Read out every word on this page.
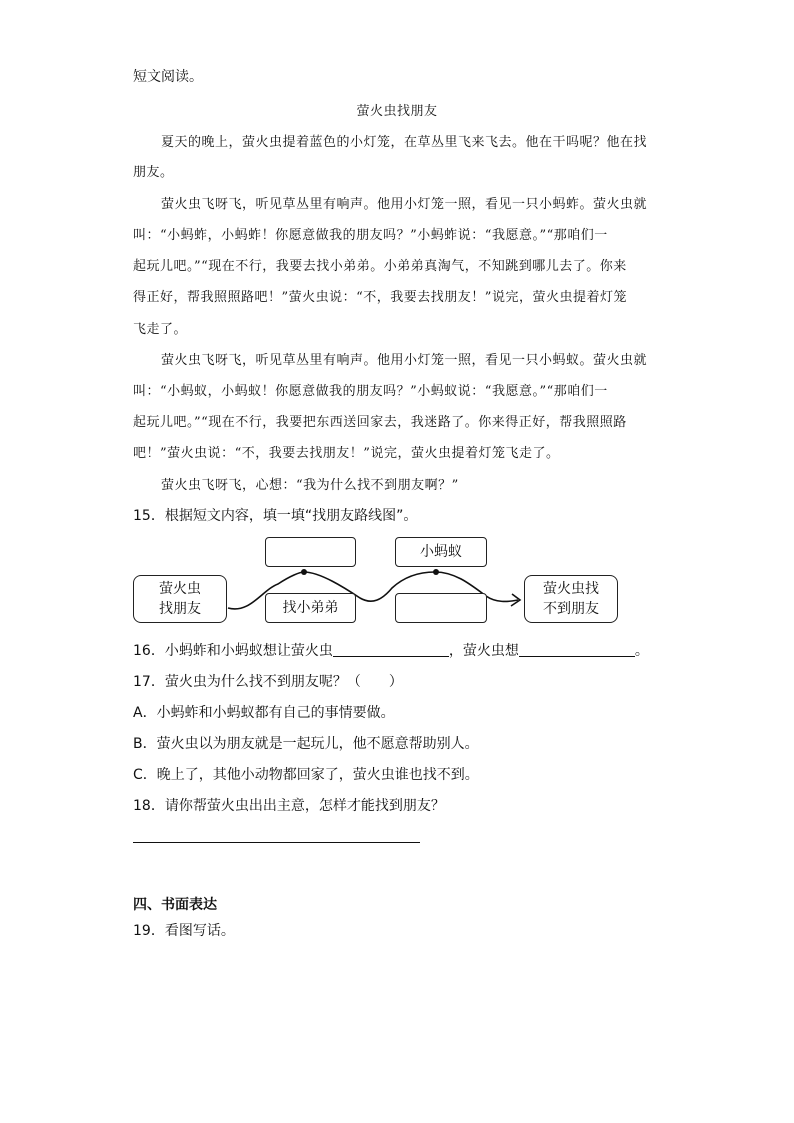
短文阅读。
萤火虫找朋友
夏天的晚上，萤火虫提着蓝色的小灯笼，在草丛里飞来飞去。他在干吗呢？他在找
朋友。
萤火虫飞呀飞，听见草丛里有响声。他用小灯笼一照，看见一只小蚂蚱。萤火虫就
叫：“小蚂蚱，小蚂蚱！你愿意做我的朋友吗？”小蚂蚱说：“我愿意。”“那咱们一
起玩儿吧。”“现在不行，我要去找小弟弟。小弟弟真淘气，不知跳到哪儿去了。你来
得正好，帮我照照路吧！”萤火虫说：“不，我要去找朋友！”说完，萤火虫提着灯笼
飞走了。
萤火虫飞呀飞，听见草丛里有响声。他用小灯笼一照，看见一只小蚂蚁。萤火虫就
叫：“小蚂蚁，小蚂蚁！你愿意做我的朋友吗？”小蚂蚁说：“我愿意。”“那咱们一
起玩儿吧。”“现在不行，我要把东西送回家去，我迷路了。你来得正好，帮我照照路
吧！”萤火虫说：“不，我要去找朋友！”说完，萤火虫提着灯笼飞走了。
萤火虫飞呀飞，心想：“我为什么找不到朋友啊？”
15．根据短文内容，填一填“找朋友路线图”。
萤火虫
找朋友
小蚂蚁
找小弟弟
萤火虫找
不到朋友
16．小蚂蚱和小蚂蚁想让萤火虫	，萤火虫想	。
17．萤火虫为什么找不到朋友呢？（　　）
A．小蚂蚱和小蚂蚁都有自己的事情要做。
B．萤火虫以为朋友就是一起玩儿，他不愿意帮助别人。
C．晚上了，其他小动物都回家了，萤火虫谁也找不到。
18．请你帮萤火虫出出主意，怎样才能找到朋友？
四、书面表达
19．看图写话。
